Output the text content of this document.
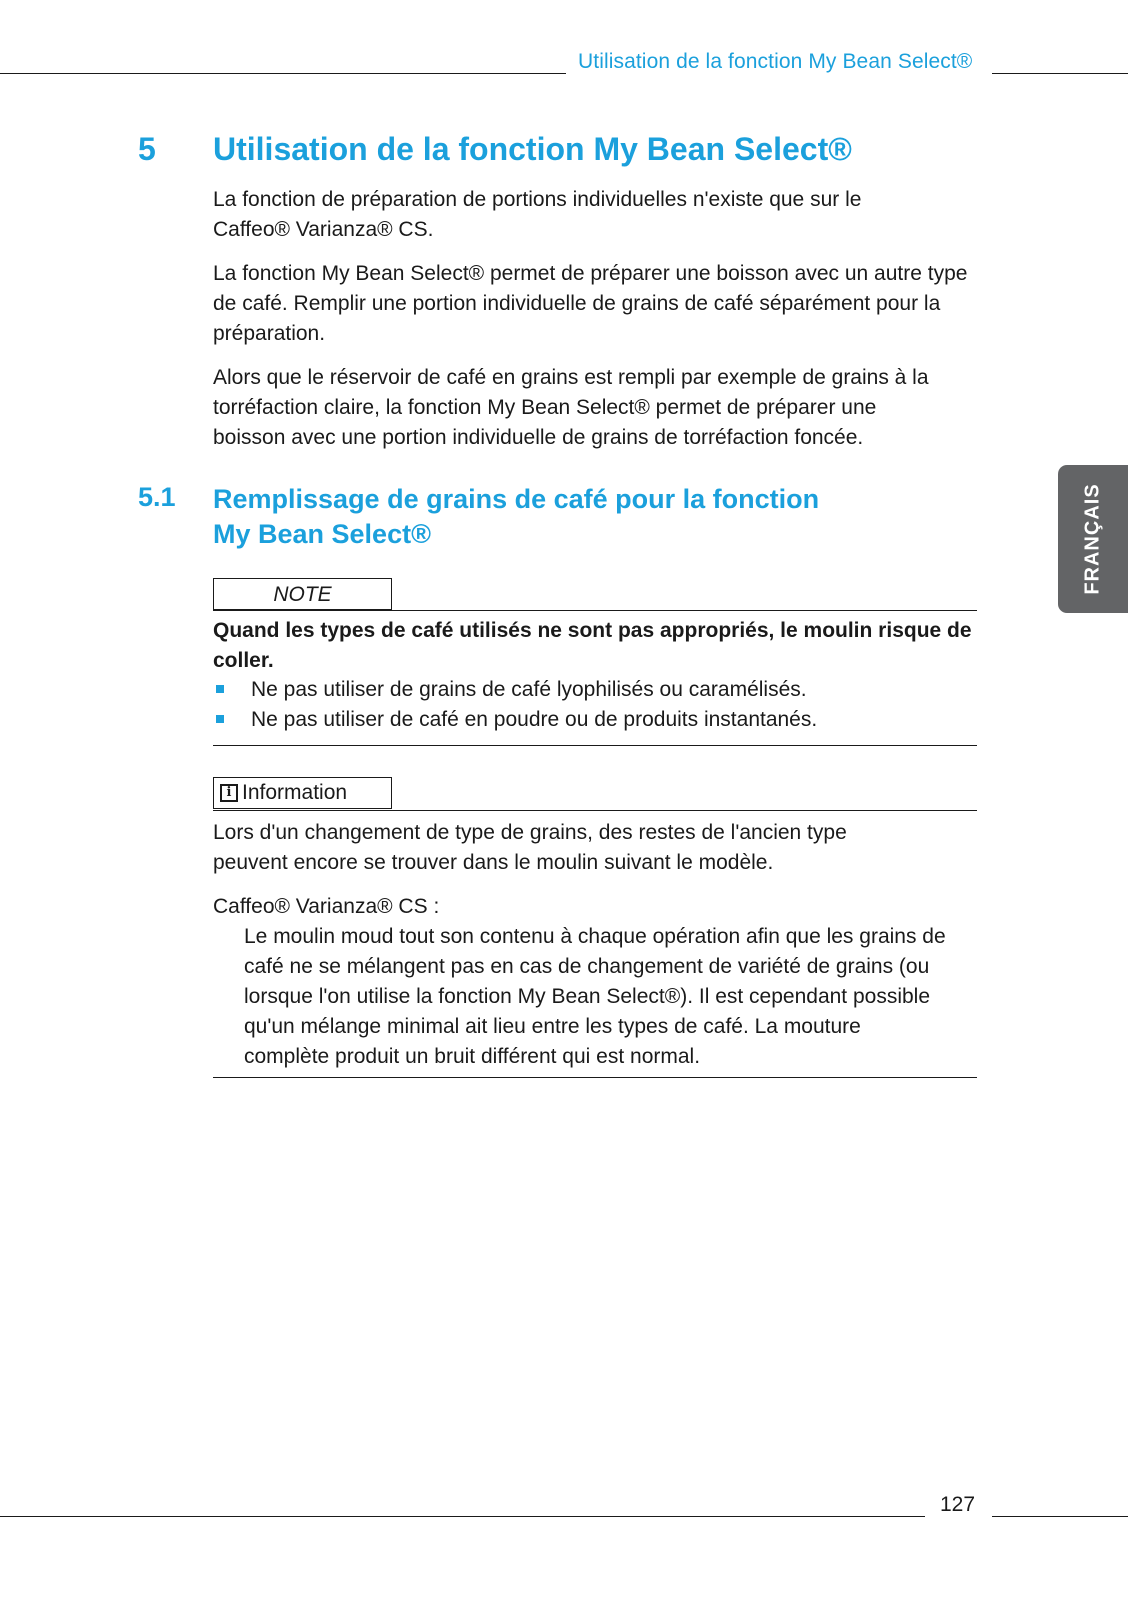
Utilisation de la fonction My Bean Select®
5 Utilisation de la fonction My Bean Select®
La fonction de préparation de portions individuelles n'existe que sur le Caffeo® Varianza® CS.
La fonction My Bean Select® permet de préparer une boisson avec un autre type de café. Remplir une portion individuelle de grains de café séparément pour la préparation.
Alors que le réservoir de café en grains est rempli par exemple de grains à la torréfaction claire, la fonction My Bean Select® permet de préparer une boisson avec une portion individuelle de grains de torréfaction foncée.
5.1 Remplissage de grains de café pour la fonction
My Bean Select®
NOTE
Quand les types de café utilisés ne sont pas appropriés, le moulin risque de coller.
Ne pas utiliser de grains de café lyophilisés ou caramélisés.
Ne pas utiliser de café en poudre ou de produits instantanés.
i Information
Lors d'un changement de type de grains, des restes de l'ancien type peuvent encore se trouver dans le moulin suivant le modèle.
Caffeo® Varianza® CS :
Le moulin moud tout son contenu à chaque opération afin que les grains de café ne se mélangent pas en cas de changement de variété de grains (ou lorsque l'on utilise la fonction My Bean Select®). Il est cependant possible qu'un mélange minimal ait lieu entre les types de café. La mouture complète produit un bruit différent qui est normal.
FRANÇAIS
127
